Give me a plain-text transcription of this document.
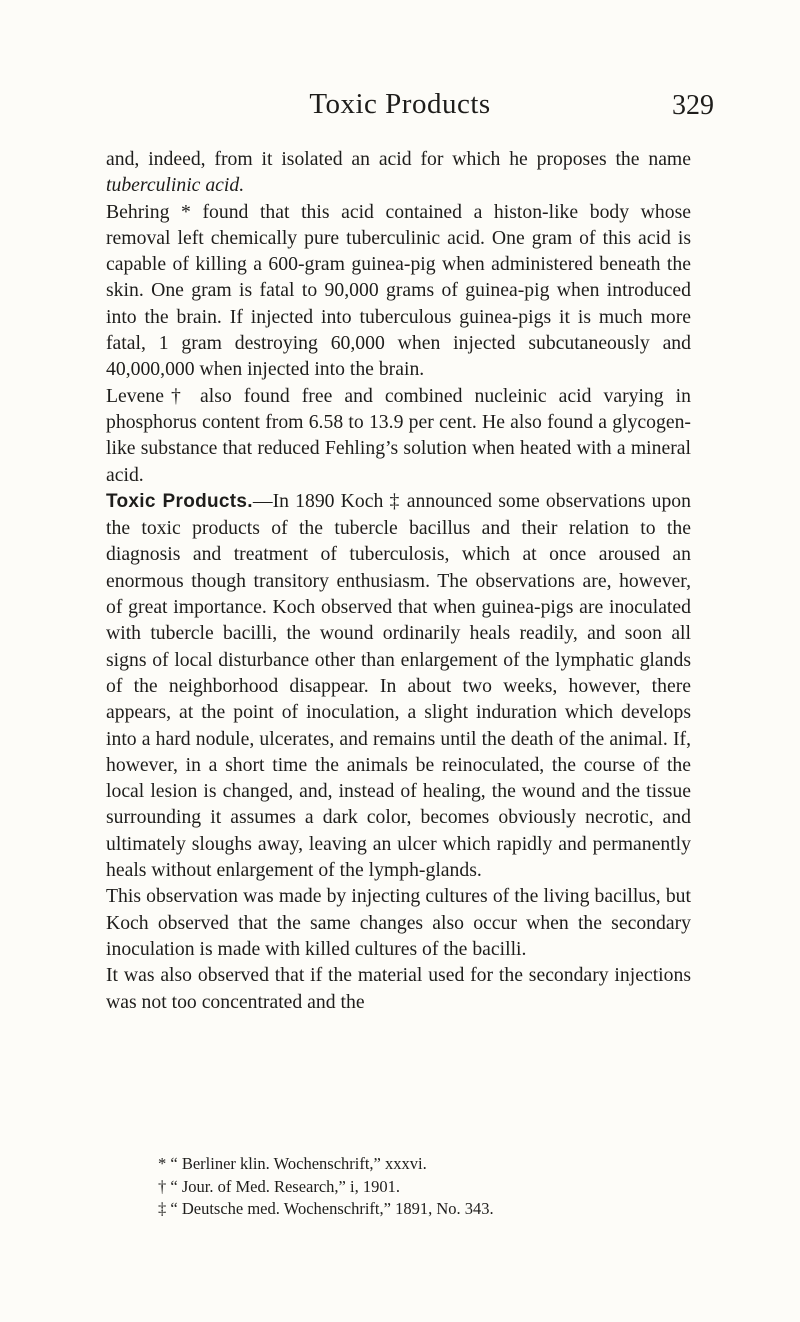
Toxic Products	329

and, indeed, from it isolated an acid for which he proposes the name tuberculinic acid.

Behring * found that this acid contained a histon-like body whose removal left chemically pure tuberculinic acid. One gram of this acid is capable of killing a 600-gram guinea-pig when administered beneath the skin. One gram is fatal to 90,000 grams of guinea-pig when introduced into the brain. If injected into tuberculous guinea-pigs it is much more fatal, 1 gram destroying 60,000 when injected subcutaneously and 40,000,000 when injected into the brain.

Levene† also found free and combined nucleinic acid varying in phosphorus content from 6.58 to 13.9 per cent. He also found a glycogen-like substance that reduced Fehling’s solution when heated with a mineral acid.

Toxic Products.—In 1890 Koch ‡ announced some observations upon the toxic products of the tubercle bacillus and their relation to the diagnosis and treatment of tuberculosis, which at once aroused an enormous though transitory enthusiasm. The observations are, however, of great importance. Koch observed that when guinea-pigs are inoculated with tubercle bacilli, the wound ordinarily heals readily, and soon all signs of local disturbance other than enlargement of the lymphatic glands of the neighborhood disappear. In about two weeks, however, there appears, at the point of inoculation, a slight induration which develops into a hard nodule, ulcerates, and remains until the death of the animal. If, however, in a short time the animals be reinoculated, the course of the local lesion is changed, and, instead of healing, the wound and the tissue surrounding it assumes a dark color, becomes obviously necrotic, and ultimately sloughs away, leaving an ulcer which rapidly and permanently heals without enlargement of the lymph-glands.

This observation was made by injecting cultures of the living bacillus, but Koch observed that the same changes also occur when the secondary inoculation is made with killed cultures of the bacilli.

It was also observed that if the material used for the secondary injections was not too concentrated and the

* “ Berliner klin. Wochenschrift,” xxxvi.

† “ Jour. of Med. Research,” i, 1901.

‡ “ Deutsche med. Wochenschrift,” 1891, No. 343.
